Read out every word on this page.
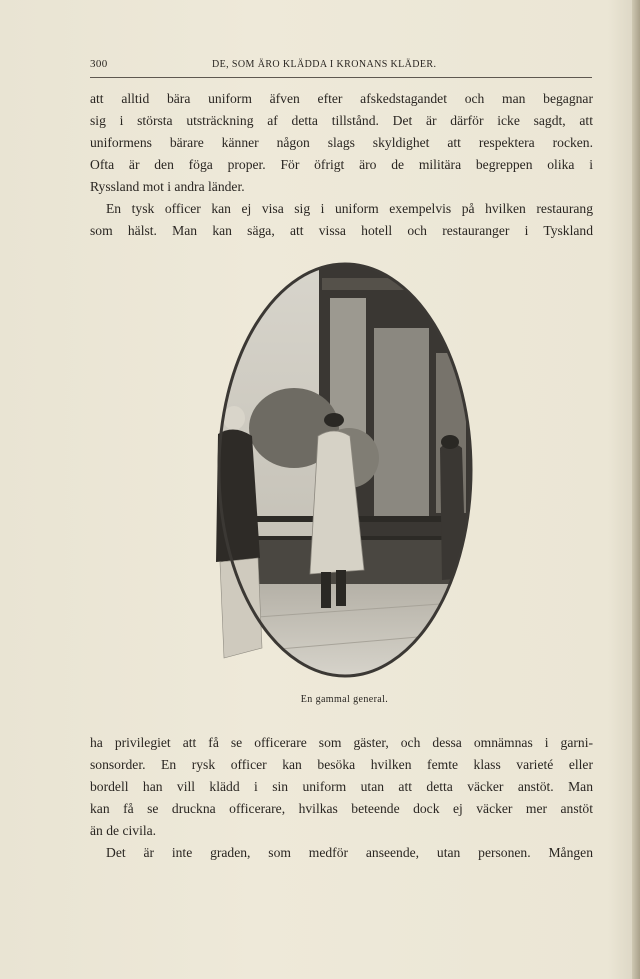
300	DE, SOM ÄRO KLÄDDA I KRONANS KLÄDER.
att alltid bära uniform äfven efter afskedstagandet och man begagnar
sig i största utsträckning af detta tillstånd. Det är därför icke sagdt, att
uniformens bärare känner någon slags skyldighet att respektera rocken.
Ofta är den föga proper. För öfrigt äro de militära begreppen olika i
Ryssland mot i andra länder.
En tysk officer kan ej visa sig i uniform exempelvis på hvilken restaurang
som hälst. Man kan säga, att vissa hotell och restauranger i Tyskland
En gammal general.
ha privilegiet att få se officerare som gäster, och dessa omnämnas i garni-
sonsorder. En rysk officer kan besöka hvilken femte klass varieté eller
bordell han vill klädd i sin uniform utan att detta väcker anstöt. Man
kan få se druckna officerare, hvilkas beteende dock ej väcker mer anstöt
än de civila.
Det är inte graden, som medför anseende, utan personen. Mången
